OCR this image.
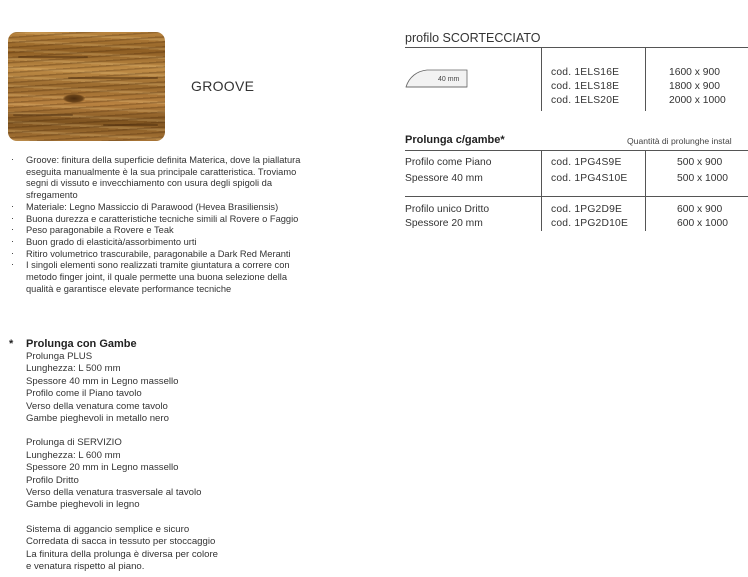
GROOVE
· Groove: finitura della superficie definita Materica, dove la piallatura eseguita manualmente è la sua principale caratteristica. Troviamo segni di vissuto e invecchiamento con usura degli spigoli da sfregamento
· Materiale: Legno Massiccio di Parawood (Hevea Brasiliensis)
· Buona durezza e caratteristiche tecniche simili al Rovere o Faggio
· Peso paragonabile a Rovere e Teak
· Buon grado di elasticità/assorbimento urti
· Ritiro volumetrico trascurabile, paragonabile a Dark Red Meranti
· I singoli elementi sono realizzati tramite giuntatura a correre con metodo finger joint, il quale permette una buona selezione della qualità e garantisce elevate performance tecniche
* Prolunga con Gambe
Prolunga PLUS
Lunghezza: L 500 mm
Spessore 40 mm in Legno massello
Profilo come il Piano tavolo
Verso della venatura come tavolo
Gambe pieghevoli in metallo nero
Prolunga di SERVIZIO
Lunghezza: L 600 mm
Spessore 20 mm in Legno massello
Profilo Dritto
Verso della venatura trasversale al tavolo
Gambe pieghevoli in legno
Sistema di aggancio semplice e sicuro
Corredata di sacca in tessuto per stoccaggio
La finitura della prolunga è diversa per colore
e venatura rispetto al piano.
profilo SCORTECCIATO
40 mm
cod. 1ELS16E
cod. 1ELS18E
cod. 1ELS20E
1600 x 900
1800 x 900
2000 x 1000
Prolunga c/gambe*	Quantità di prolunghe instal
Profilo come Piano
Spessore 40 mm
cod. 1PG4S9E
cod. 1PG4S10E
500 x 900
500 x 1000
Profilo unico Dritto
Spessore 20 mm
cod. 1PG2D9E
cod. 1PG2D10E
600 x 900
600 x 1000
